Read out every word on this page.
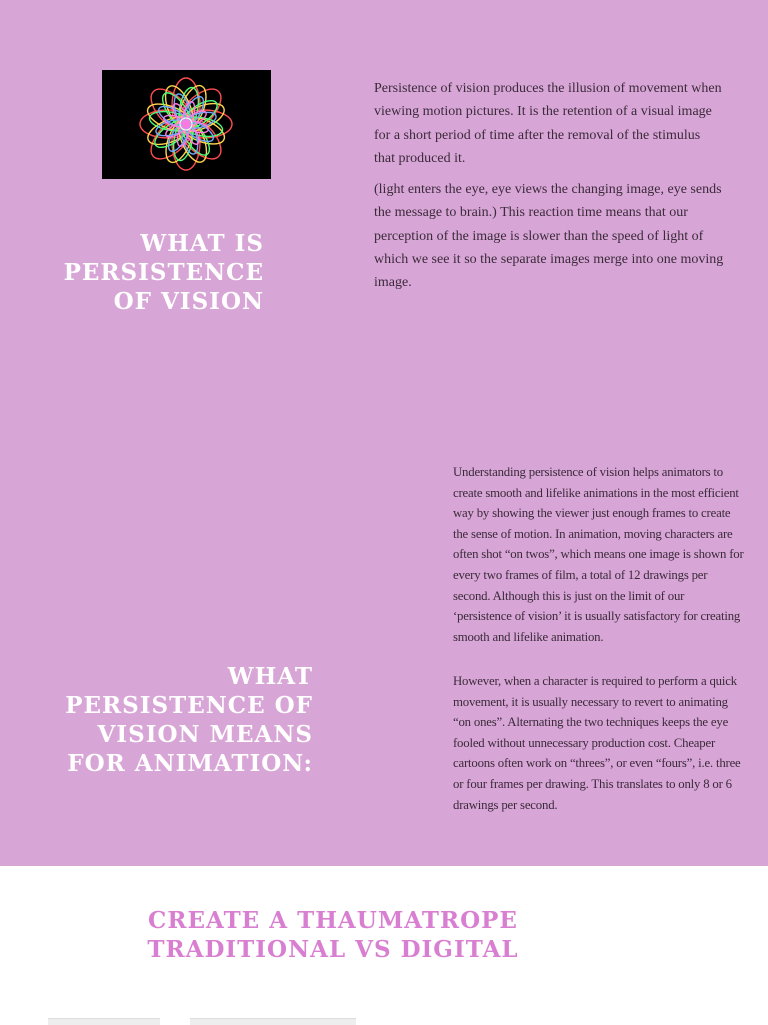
WHAT IS PERSISTENCE OF VISION

Persistence of vision produces the illusion of movement when viewing motion pictures. It is the retention of a visual image for a short period of time after the removal of the stimulus that produced it.

(light enters the eye, eye views the changing image, eye sends the message to brain.) This reaction time means that our perception of the image is slower than the speed of light of which we see it so the separate images merge into one moving image.

WHAT PERSISTENCE OF VISION MEANS FOR ANIMATION:

Understanding persistence of vision helps animators to create smooth and lifelike animations in the most efficient way by showing the viewer just enough frames to create the sense of motion. In animation, moving characters are often shot “on twos”, which means one image is shown for every two frames of film, a total of 12 drawings per second. Although this is just on the limit of our ‘persistence of vision’ it is usually satisfactory for creating smooth and lifelike animation.

However, when a character is required to perform a quick movement, it is usually necessary to revert to animating “on ones”. Alternating the two techniques keeps the eye fooled without unnecessary production cost. Cheaper cartoons often work on “threes”, or even “fours”, i.e. three or four frames per drawing. This translates to only 8 or 6 drawings per second.

CREATE A THAUMATROPE
TRADITIONAL VS DIGITAL
